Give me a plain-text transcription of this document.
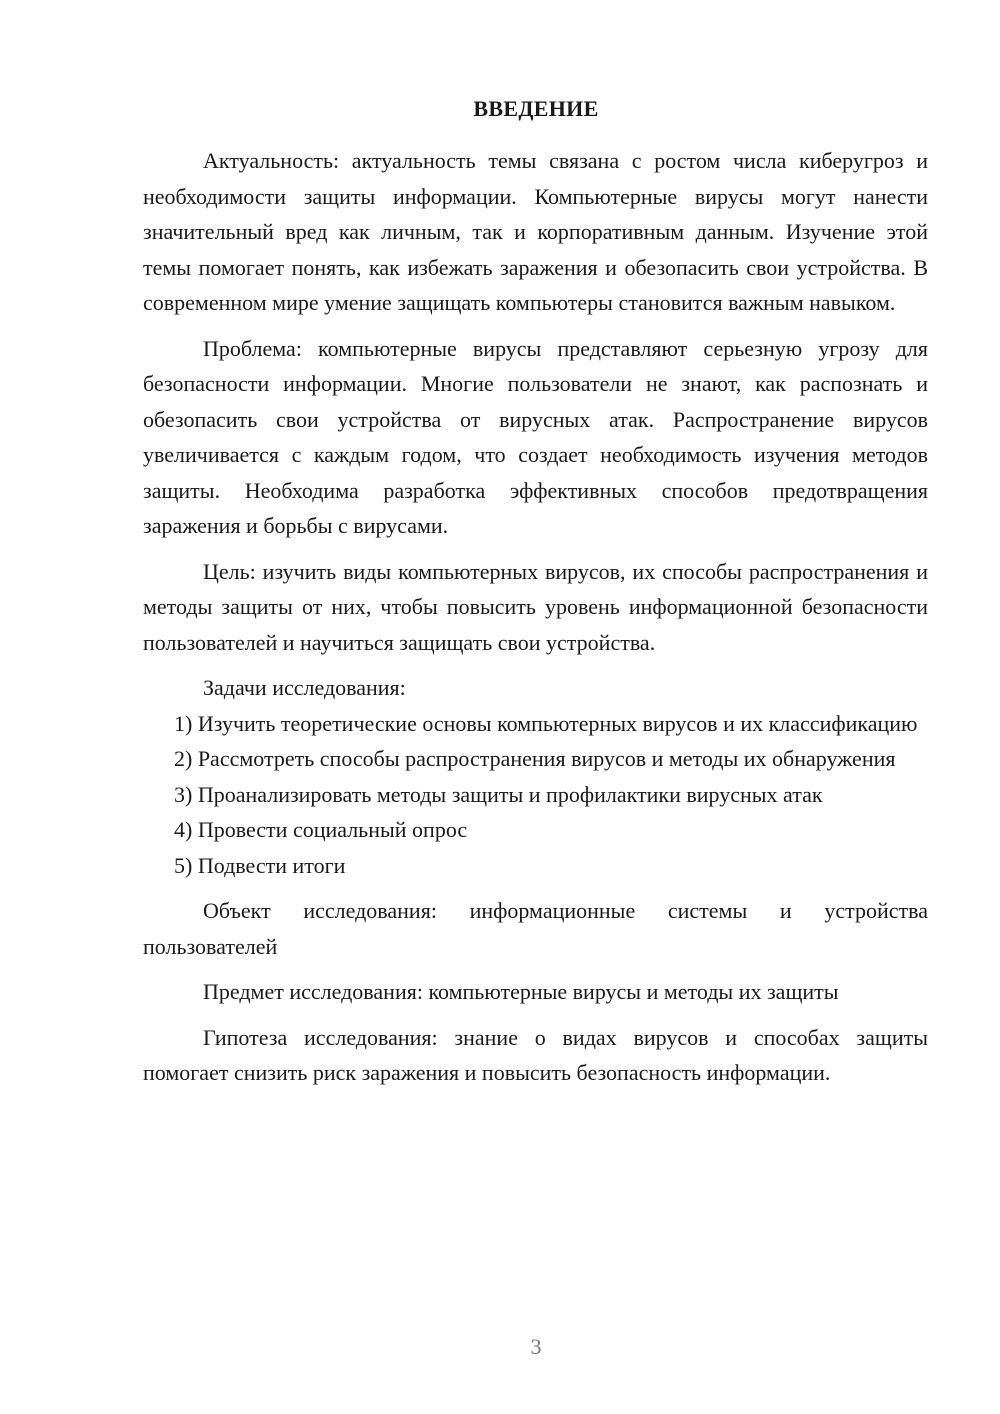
ВВЕДЕНИЕ

Актуальность: актуальность темы связана с ростом числа киберугроз и необходимости защиты информации. Компьютерные вирусы могут нанести значительный вред как личным, так и корпоративным данным. Изучение этой темы помогает понять, как избежать заражения и обезопасить свои устройства. В современном мире умение защищать компьютеры становится важным навыком.

Проблема: компьютерные вирусы представляют серьезную угрозу для безопасности информации. Многие пользователи не знают, как распознать и обезопасить свои устройства от вирусных атак. Распространение вирусов увеличивается с каждым годом, что создает необходимость изучения методов защиты. Необходима разработка эффективных способов предотвращения заражения и борьбы с вирусами.

Цель: изучить виды компьютерных вирусов, их способы распространения и методы защиты от них, чтобы повысить уровень информационной безопасности пользователей и научиться защищать свои устройства.

Задачи исследования:

1) Изучить теоретические основы компьютерных вирусов и их классификацию

2) Рассмотреть способы распространения вирусов и методы их обнаружения

3) Проанализировать методы защиты и профилактики вирусных атак

4) Провести социальный опрос

5) Подвести итоги

Объект исследования: информационные системы и устройства пользователей

Предмет исследования: компьютерные вирусы и методы их защиты

Гипотеза исследования: знание о видах вирусов и способах защиты помогает снизить риск заражения и повысить безопасность информации.

3
